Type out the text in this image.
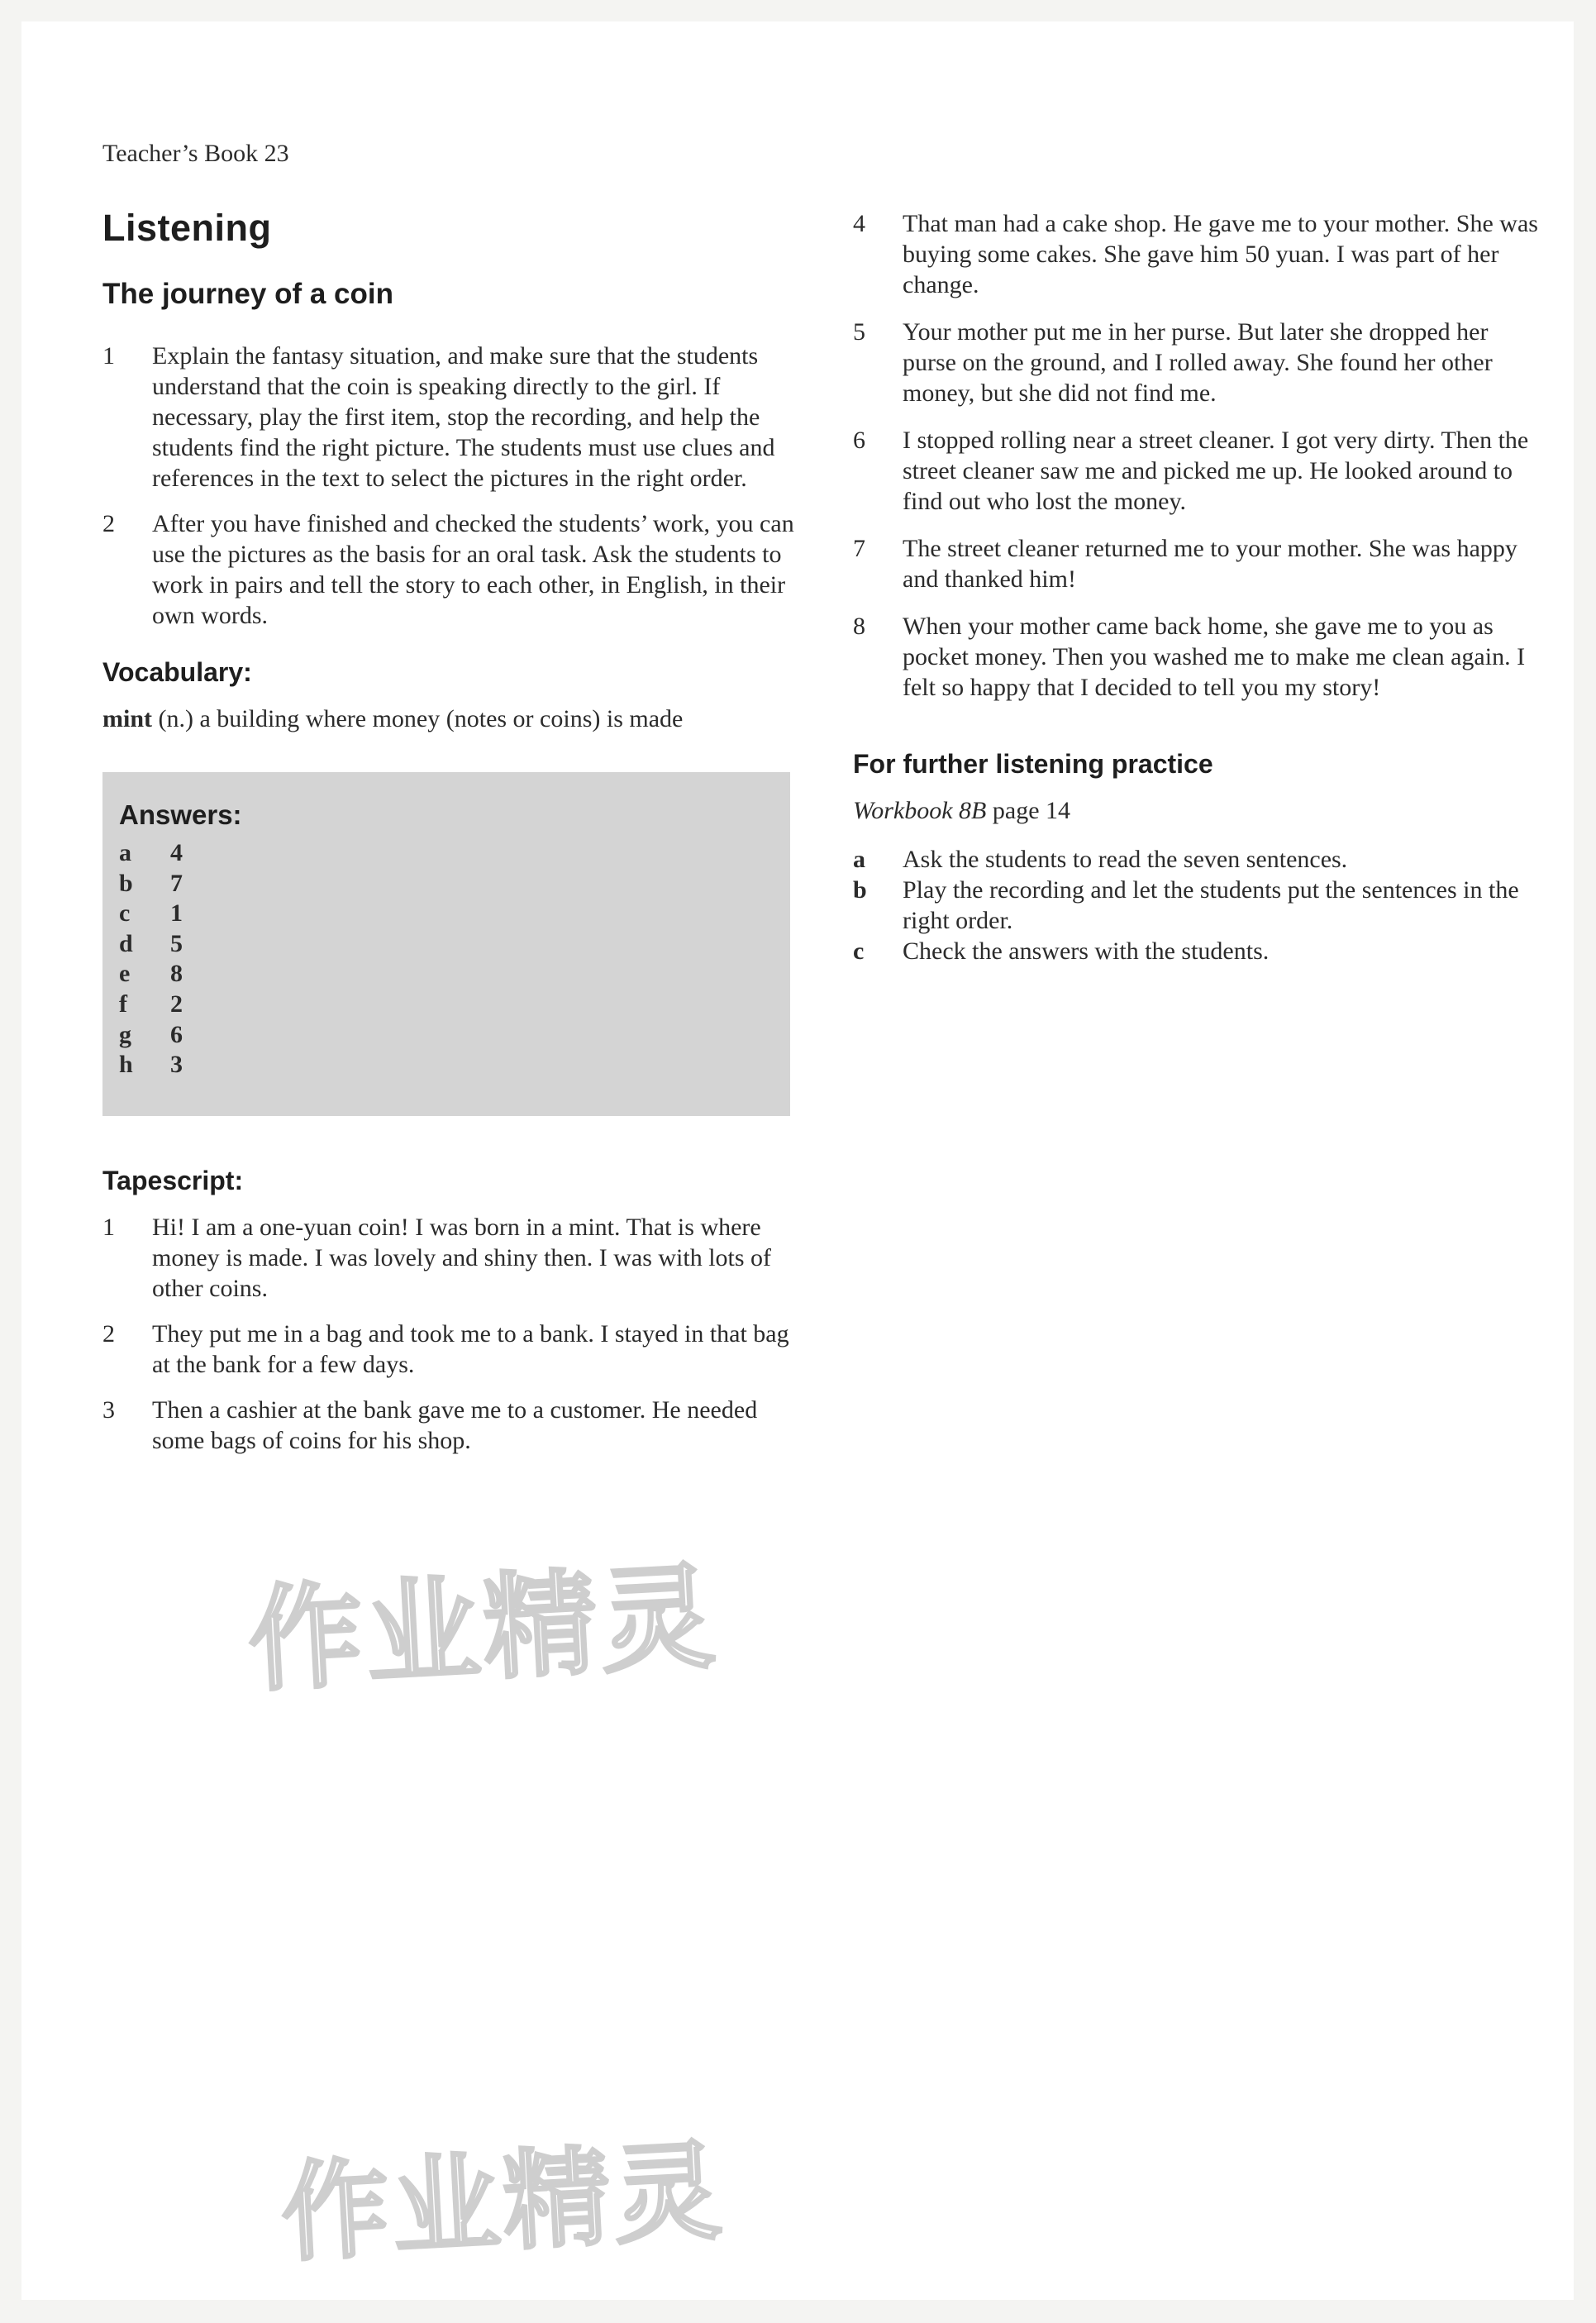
Teacher’s Book 23
Listening
The journey of a coin
1	Explain the fantasy situation, and make sure that the students understand that the coin is speaking directly to the girl. If necessary, play the first item, stop the recording, and help the students find the right picture. The students must use clues and references in the text to select the pictures in the right order.
2	After you have finished and checked the students’ work, you can use the pictures as the basis for an oral task. Ask the students to work in pairs and tell the story to each other, in English, in their own words.
Vocabulary:

mint (n.) a building where money (notes or coins) is made

Answers:
a	4
b	7
c	1
d	5
e	8
f	2
g	6
h	3
Tapescript:
1	Hi! I am a one-yuan coin! I was born in a mint. That is where money is made. I was lovely and shiny then. I was with lots of other coins.
2	They put me in a bag and took me to a bank. I stayed in that bag at the bank for a few days.
3	Then a cashier at the bank gave me to a customer. He needed some bags of coins for his shop.
4	That man had a cake shop. He gave me to your mother. She was buying some cakes. She gave him 50 yuan. I was part of her change.
5	Your mother put me in her purse. But later she dropped her purse on the ground, and I rolled away. She found her other money, but she did not find me.
6	I stopped rolling near a street cleaner. I got very dirty. Then the street cleaner saw me and picked me up. He looked around to find out who lost the money.
7	The street cleaner returned me to your mother. She was happy and thanked him!
8	When your mother came back home, she gave me to you as pocket money. Then you washed me to make me clean again. I felt so happy that I decided to tell you my story!
For further listening practice

Workbook 8B page 14

a	Ask the students to read the seven sentences.
b	Play the recording and let the students put the sentences in the right order.
c	Check the answers with the students.
作业精灵
作业精灵
